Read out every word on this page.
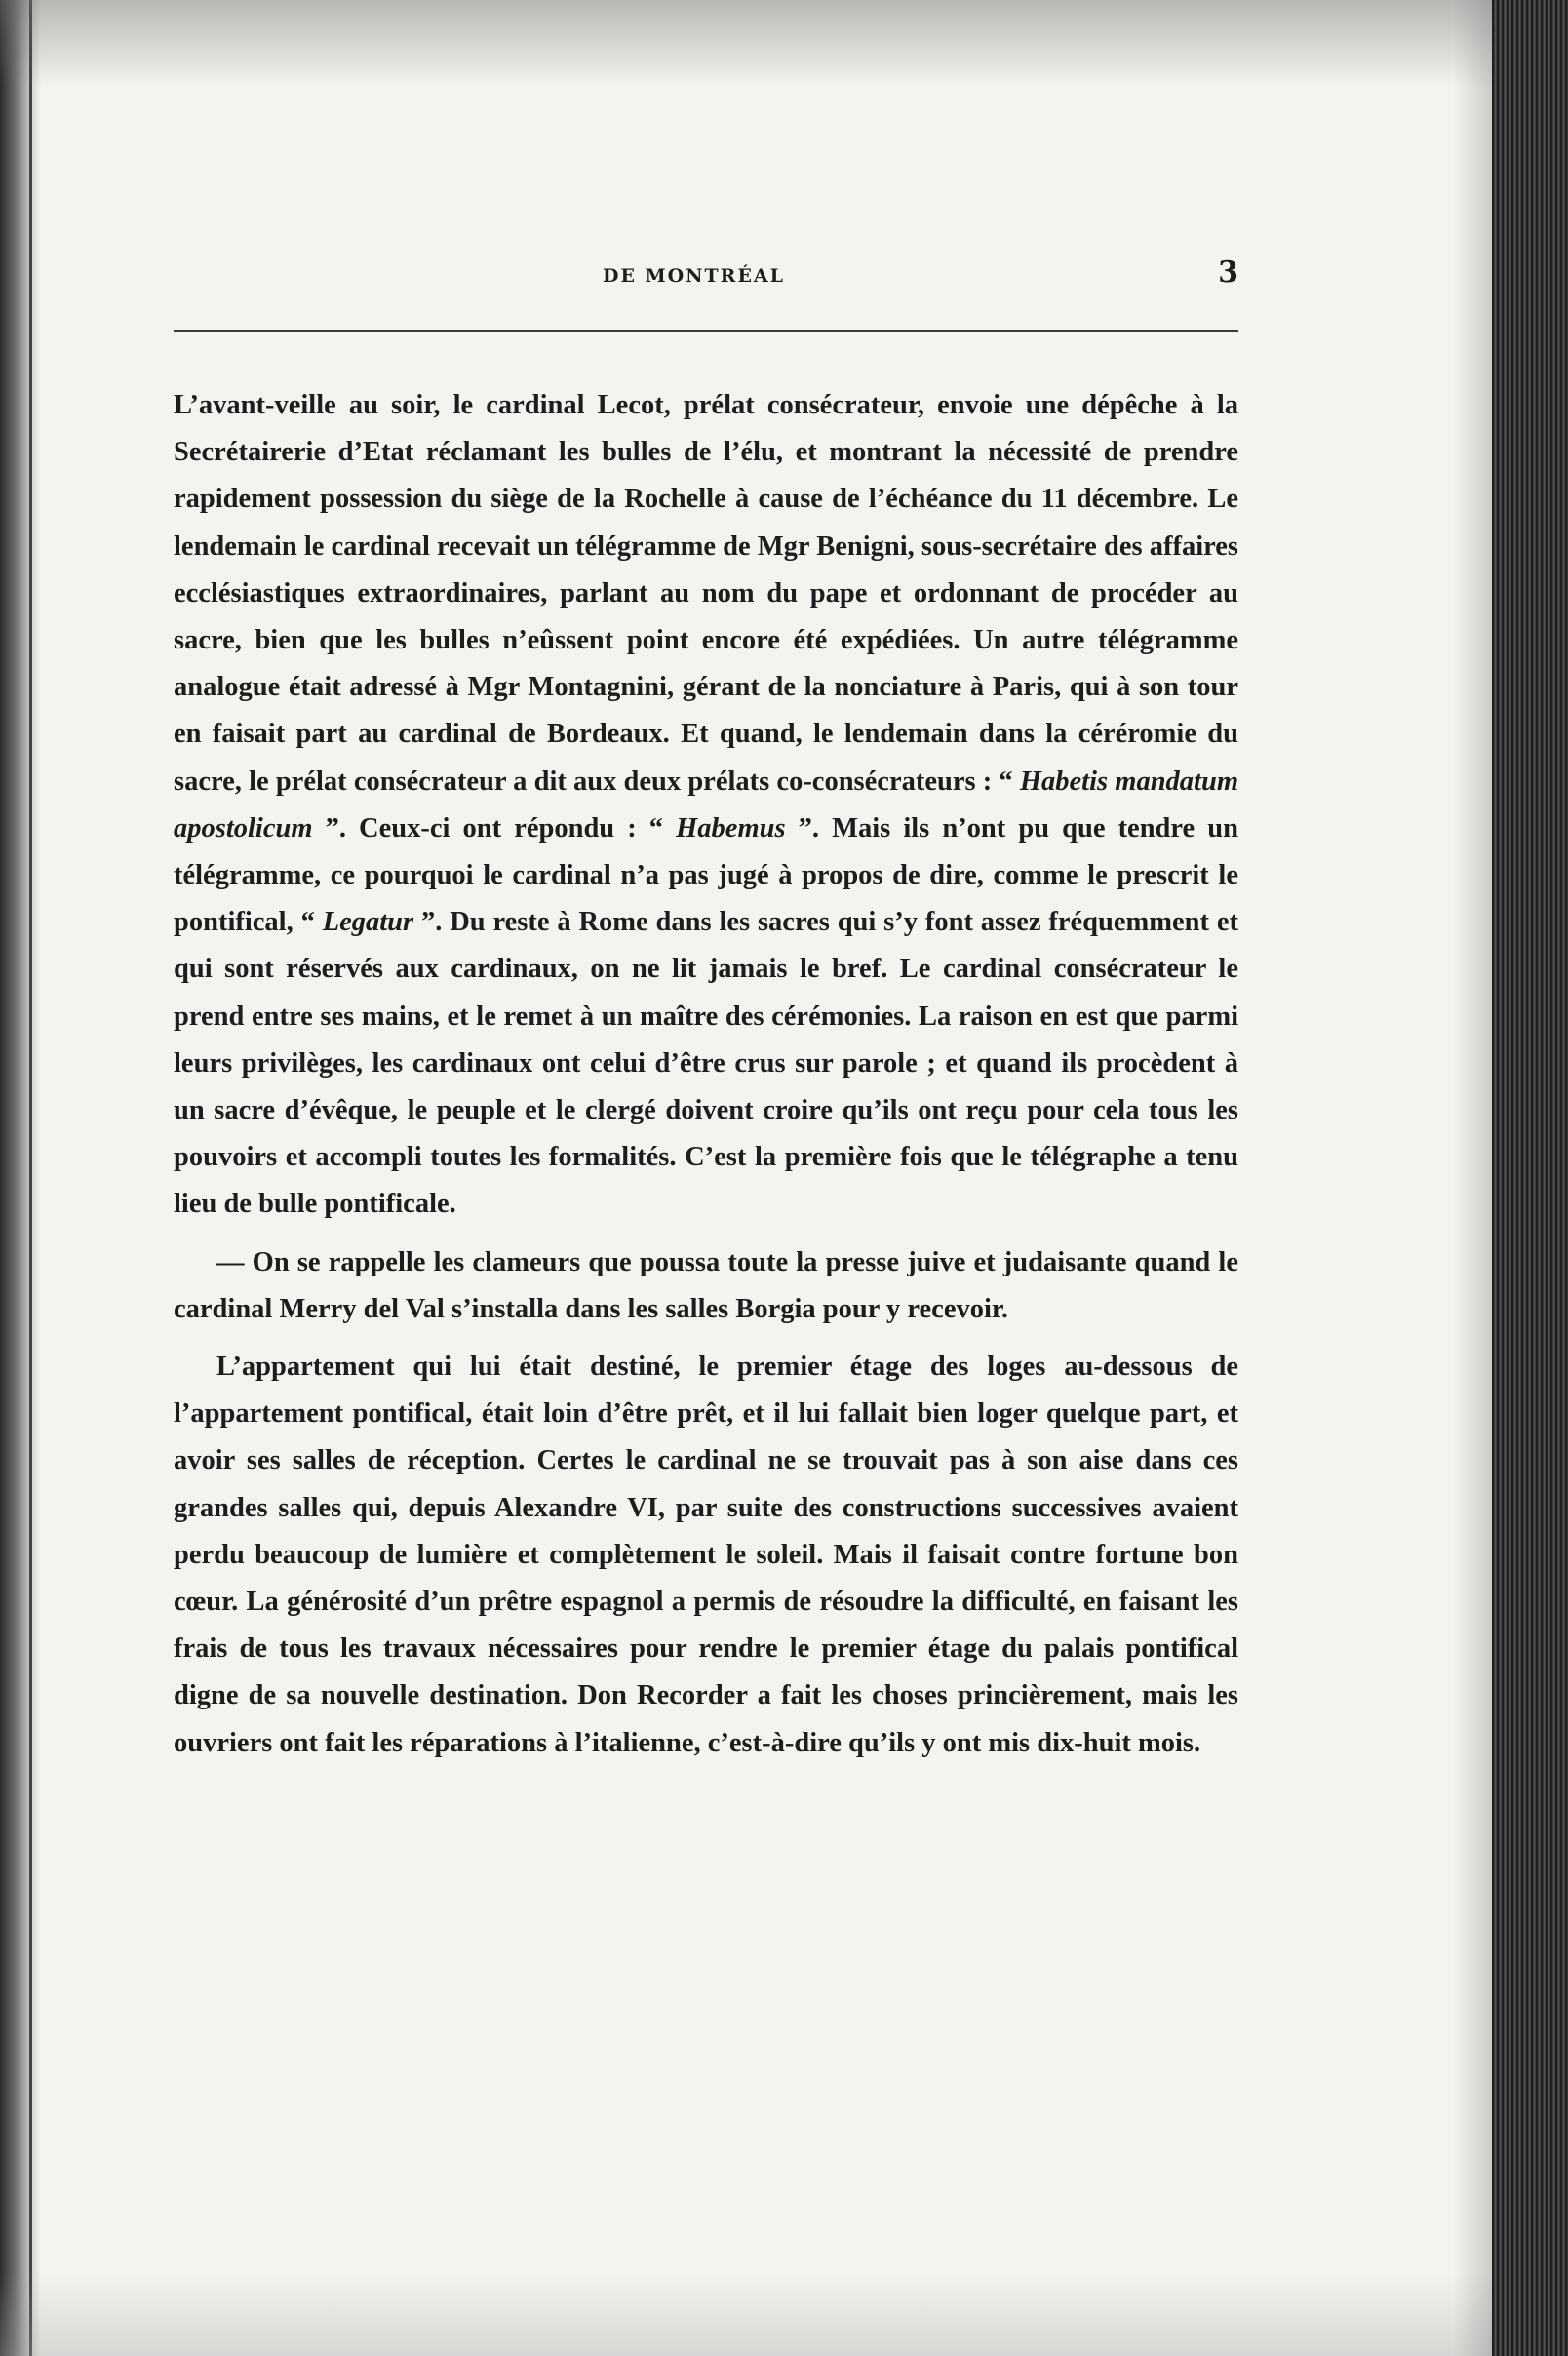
DE MONTRÉAL	3

L’avant-veille au soir, le cardinal Lecot, prélat consécrateur, envoie une dépêche à la Secrétairerie d’Etat réclamant les bulles de l’élu, et montrant la nécessité de prendre rapidement possession du siège de la Rochelle à cause de l’échéance du 11 décembre. Le lendemain le cardinal recevait un télégramme de Mgr Benigni, sous-secrétaire des affaires ecclésiastiques extraordinaires, parlant au nom du pape et ordonnant de procéder au sacre, bien que les bulles n’eûssent point encore été expédiées. Un autre télégramme analogue était adressé à Mgr Montagnini, gérant de la nonciature à Paris, qui à son tour en faisait part au cardinal de Bordeaux. Et quand, le lendemain dans la céréromie du sacre, le prélat consécrateur a dit aux deux prélats co-consécrateurs : “ Habetis mandatum apostolicum ”. Ceux-ci ont répondu : “ Habemus ”. Mais ils n’ont pu que tendre un télégramme, ce pourquoi le cardinal n’a pas jugé à propos de dire, comme le prescrit le pontifical, “ Legatur ”. Du reste à Rome dans les sacres qui s’y font assez fréquemment et qui sont réservés aux cardinaux, on ne lit jamais le bref. Le cardinal consécrateur le prend entre ses mains, et le remet à un maître des cérémonies. La raison en est que parmi leurs privilèges, les cardinaux ont celui d’être crus sur parole ; et quand ils procèdent à un sacre d’évêque, le peuple et le clergé doivent croire qu’ils ont reçu pour cela tous les pouvoirs et accompli toutes les formalités. C’est la première fois que le télégraphe a tenu lieu de bulle pontificale.

— On se rappelle les clameurs que poussa toute la presse juive et judaisante quand le cardinal Merry del Val s’installa dans les salles Borgia pour y recevoir.

L’appartement qui lui était destiné, le premier étage des loges au-dessous de l’appartement pontifical, était loin d’être prêt, et il lui fallait bien loger quelque part, et avoir ses salles de réception. Certes le cardinal ne se trouvait pas à son aise dans ces grandes salles qui, depuis Alexandre VI, par suite des constructions successives avaient perdu beaucoup de lumière et complètement le soleil. Mais il faisait contre fortune bon cœur. La générosité d’un prêtre espagnol a permis de résoudre la difficulté, en faisant les frais de tous les travaux nécessaires pour rendre le premier étage du palais pontifical digne de sa nouvelle destination. Don Recorder a fait les choses princièrement, mais les ouvriers ont fait les réparations à l’italienne, c’est-à-dire qu’ils y ont mis dix-huit mois.
